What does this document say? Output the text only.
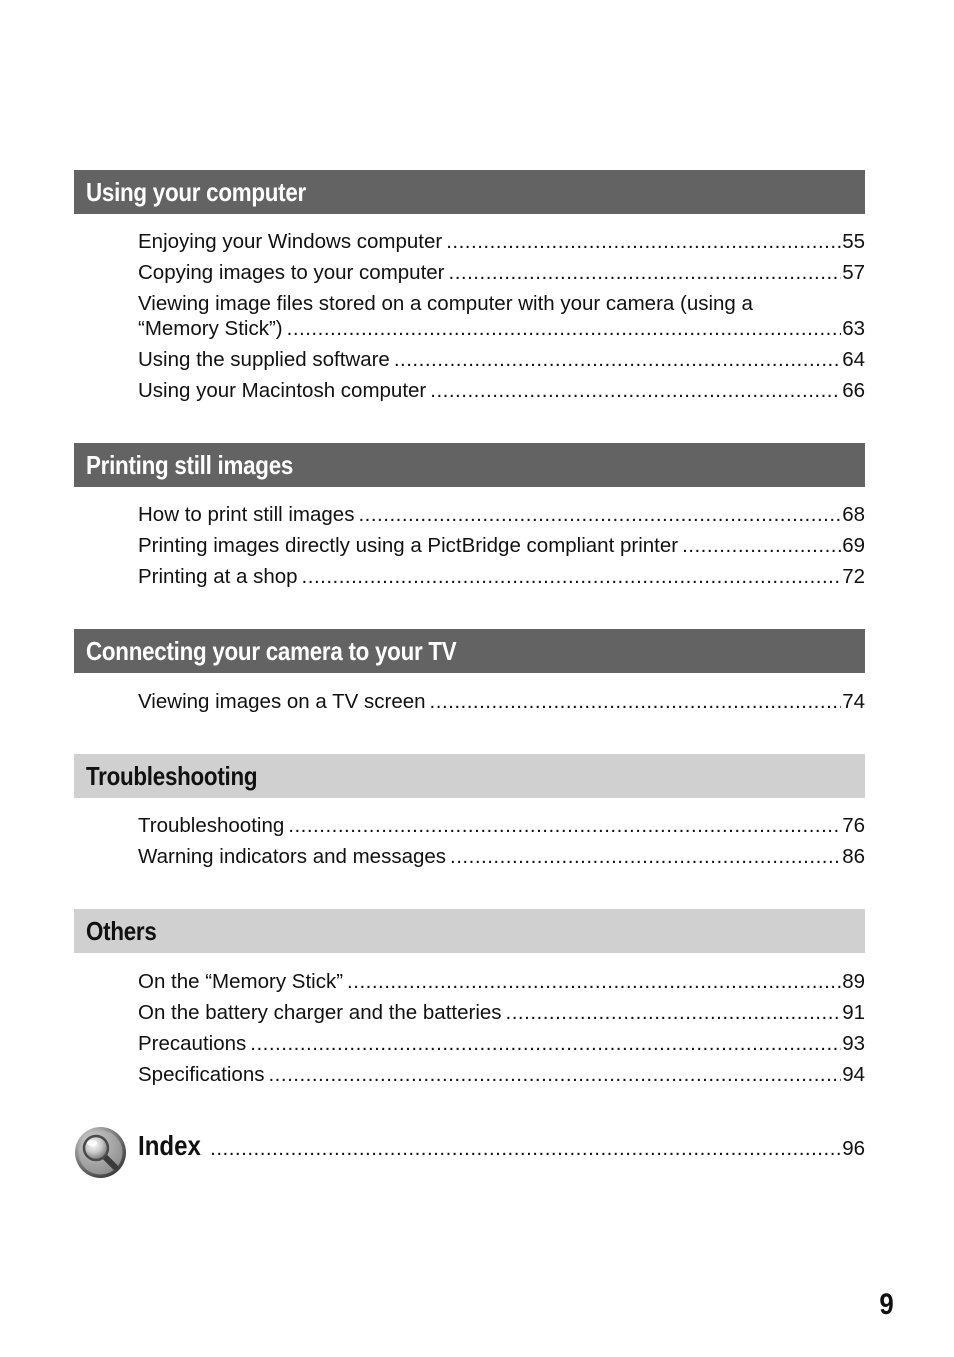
Using your computer
Enjoying your Windows computer .....	55
Copying images to your computer .....	57
Viewing image files stored on a computer with your camera (using a
“Memory Stick”) .....	63
Using the supplied software .....	64
Using your Macintosh computer .....	66
Printing still images
How to print still images .....	68
Printing images directly using a PictBridge compliant printer .....	69
Printing at a shop .....	72
Connecting your camera to your TV
Viewing images on a TV screen .....	74
Troubleshooting
Troubleshooting .....	76
Warning indicators and messages .....	86
Others
On the “Memory Stick” .....	89
On the battery charger and the batteries .....	91
Precautions .....	93
Specifications .....	94
Index .....	96
9
